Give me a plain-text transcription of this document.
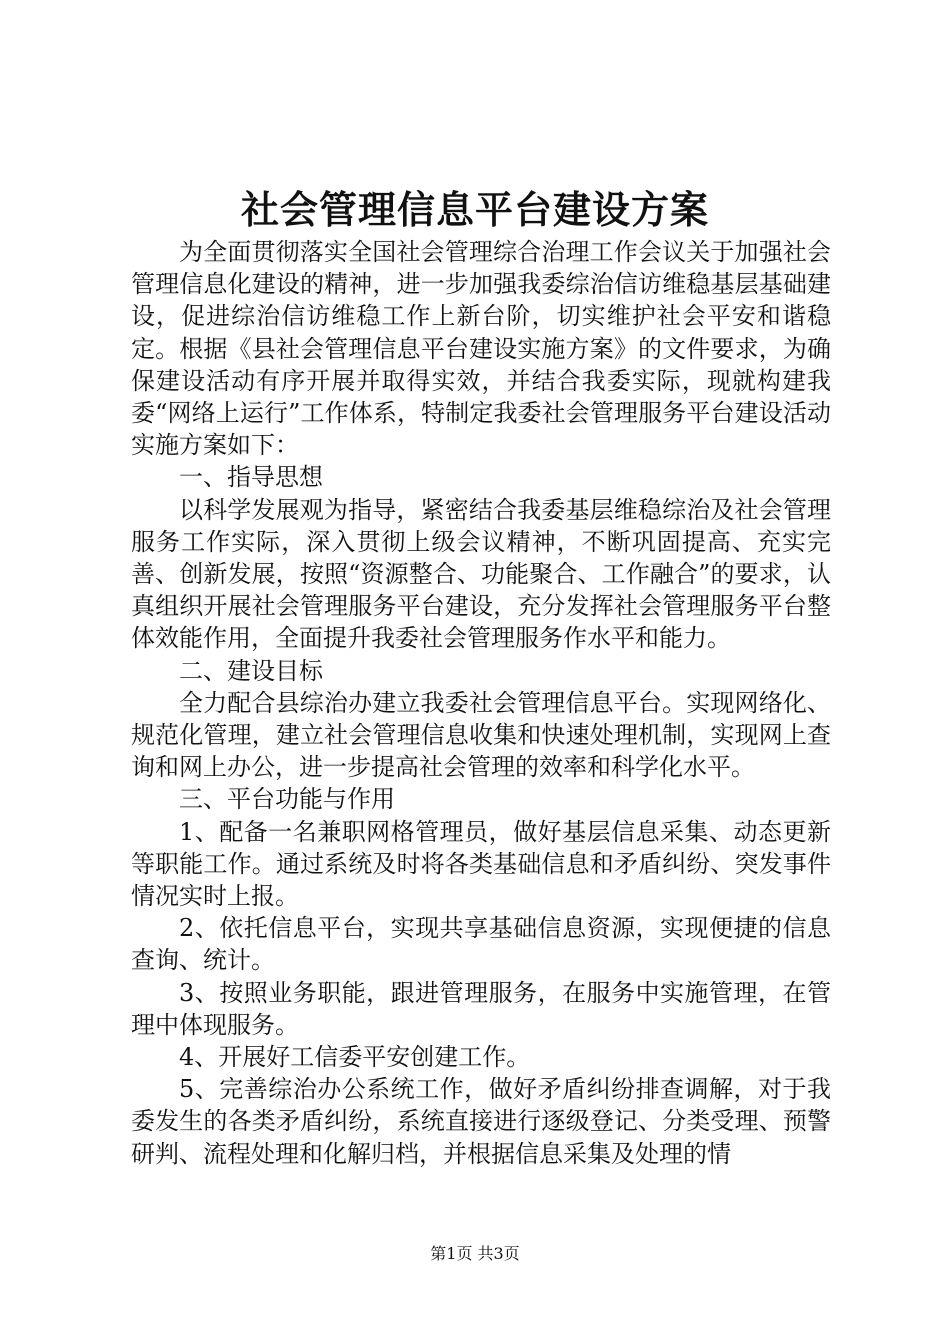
社会管理信息平台建设方案

为全面贯彻落实全国社会管理综合治理工作会议关于加强社会管理信息化建设的精神，进一步加强我委综治信访维稳基层基础建设，促进综治信访维稳工作上新台阶，切实维护社会平安和谐稳定。根据《县社会管理信息平台建设实施方案》的文件要求，为确保建设活动有序开展并取得实效，并结合我委实际，现就构建我委“网络上运行”工作体系，特制定我委社会管理服务平台建设活动实施方案如下：

一、指导思想

以科学发展观为指导，紧密结合我委基层维稳综治及社会管理服务工作实际，深入贯彻上级会议精神，不断巩固提高、充实完善、创新发展，按照“资源整合、功能聚合、工作融合”的要求，认真组织开展社会管理服务平台建设，充分发挥社会管理服务平台整体效能作用，全面提升我委社会管理服务作水平和能力。

二、建设目标

全力配合县综治办建立我委社会管理信息平台。实现网络化、规范化管理，建立社会管理信息收集和快速处理机制，实现网上查询和网上办公，进一步提高社会管理的效率和科学化水平。

三、平台功能与作用

1、配备一名兼职网格管理员，做好基层信息采集、动态更新等职能工作。通过系统及时将各类基础信息和矛盾纠纷、突发事件情况实时上报。

2、依托信息平台，实现共享基础信息资源，实现便捷的信息查询、统计。

3、按照业务职能，跟进管理服务，在服务中实施管理，在管理中体现服务。

4、开展好工信委平安创建工作。

5、完善综治办公系统工作，做好矛盾纠纷排查调解，对于我委发生的各类矛盾纠纷，系统直接进行逐级登记、分类受理、预警研判、流程处理和化解归档，并根据信息采集及处理的情

第1页 共3页
